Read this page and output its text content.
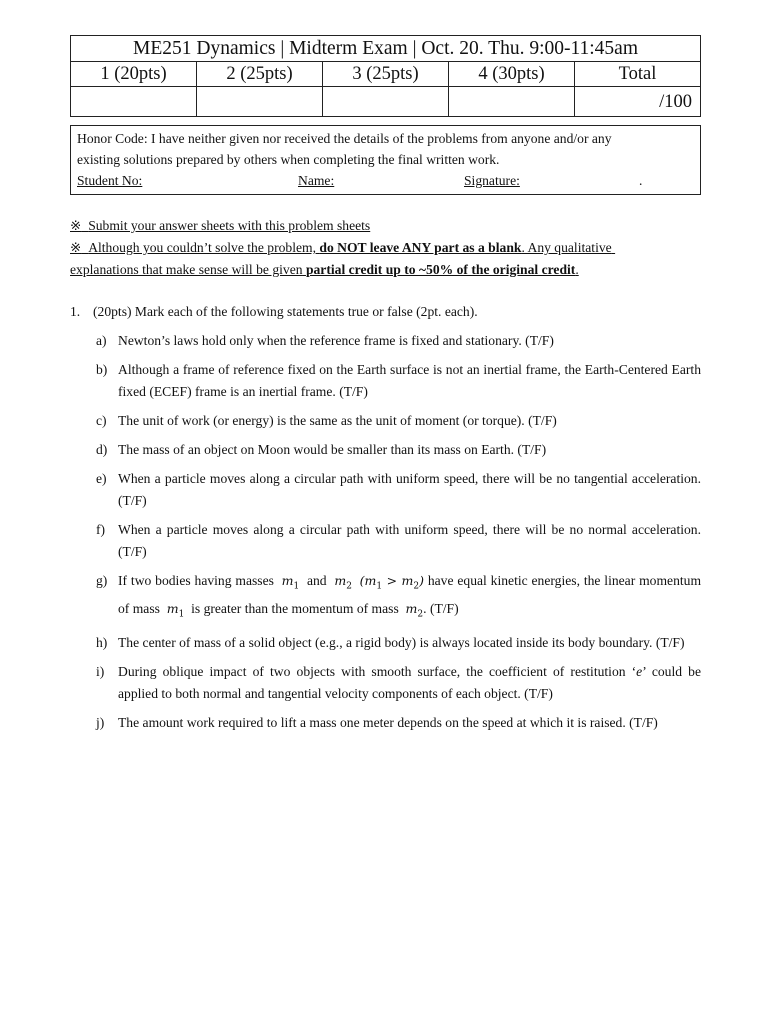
ME251 Dynamics | Midterm Exam | Oct. 20. Thu. 9:00-11:45am				
1 (20pts)	2 (25pts)	3 (25pts)	4 (30pts)	Total
				/100

Honor Code: I have neither given nor received the details of the problems from anyone and/or any

existing solutions prepared by others when completing the final written work.

Student No:	Name:	Signature:	.
※ Submit your answer sheets with this problem sheets
※ Although you couldn’t solve the problem, do NOT leave ANY part as a blank. Any qualitative
explanations that make sense will be given partial credit up to ~50% of the original credit.
1. (20pts) Mark each of the following statements true or false (2pt. each).
a) Newton’s laws hold only when the reference frame is fixed and stationary. (T/F)
b) Although a frame of reference fixed on the Earth surface is not an inertial frame, the Earth-Centered Earth fixed (ECEF) frame is an inertial frame. (T/F)
c) The unit of work (or energy) is the same as the unit of moment (or torque). (T/F)
d) The mass of an object on Moon would be smaller than its mass on Earth. (T/F)
e) When a particle moves along a circular path with uniform speed, there will be no tangential acceleration. (T/F)
f) When a particle moves along a circular path with uniform speed, there will be no normal acceleration. (T/F)
g) If two bodies having masses $m_1$ and $m_2$ $(m_1 > m_2)$ have equal kinetic energies, the linear momentum of mass $m_1$ is greater than the momentum of mass $m_2$. (T/F)
h) The center of mass of a solid object (e.g., a rigid body) is always located inside its body boundary. (T/F)
i) During oblique impact of two objects with smooth surface, the coefficient of restitution ‘e’ could be applied to both normal and tangential velocity components of each object. (T/F)
j) The amount work required to lift a mass one meter depends on the speed at which it is raised. (T/F)
